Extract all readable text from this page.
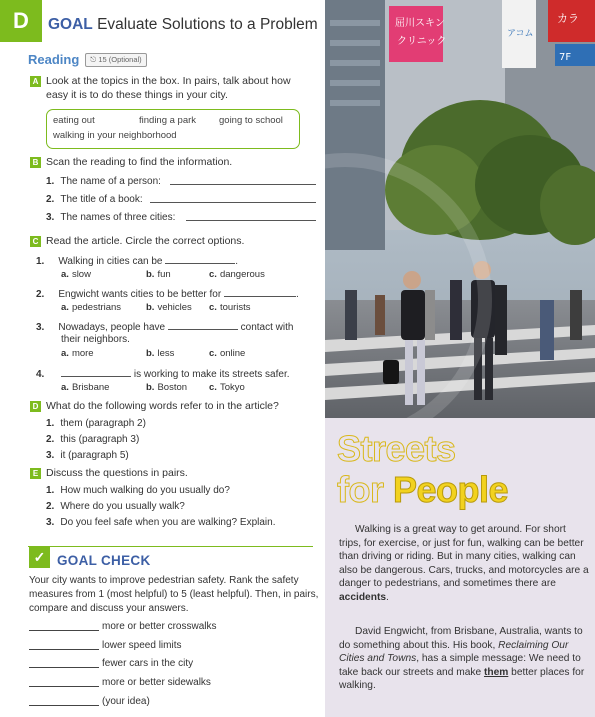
D	GOAL Evaluate Solutions to a Problem
Reading	⎋ 15 (Optional)
A Look at the topics in the box. In pairs, talk about how easy it is to do these things in your city.
eating out	finding a park going to school
walking in your neighborhood
B Scan the reading to find the information.
1. The name of a person:
2. The title of a book:
3. The names of three cities:
C Read the article. Circle the correct options.
1. Walking in cities can be	.
a. slow	b. fun	c. dangerous
2. Engwicht wants cities to be better for	.
a. pedestrians	b. vehicles c. tourists
3. Nowadays, people have	contact with
their neighbors.
a. more	b. less	c. online
4.	is working to make its streets safer.
a. Brisbane	b. Boston c. Tokyo
D What do the following words refer to in the article?
1. them (paragraph 2)
2. this (paragraph 3)
3. it (paragraph 5)
E Discuss the questions in pairs.
1. How much walking do you usually do?
2. Where do you usually walk?
3. Do you feel safe when you are walking? Explain.
✓ GOAL CHECK
Your city wants to improve pedestrian safety. Rank the safety measures from 1 (most helpful) to 5 (least helpful). Then, in pairs, compare and discuss your answers.
more or better crosswalks
lower speed limits
fewer cars in the city
more or better sidewalks
(your idea)
屈川スキン
クリニック
アコム
カラ
7F
Streets
for People
Walking is a great way to get around. For short trips, for exercise, or just for fun, walking can be better than driving or riding. But in many cities, walking can also be dangerous. Cars, trucks, and motorcycles are a danger to pedestrians, and sometimes there are accidents.
David Engwicht, from Brisbane, Australia, wants to do something about this. His book, Reclaiming Our Cities and Towns, has a simple message: We need to take back our streets and make them better places for walking.
